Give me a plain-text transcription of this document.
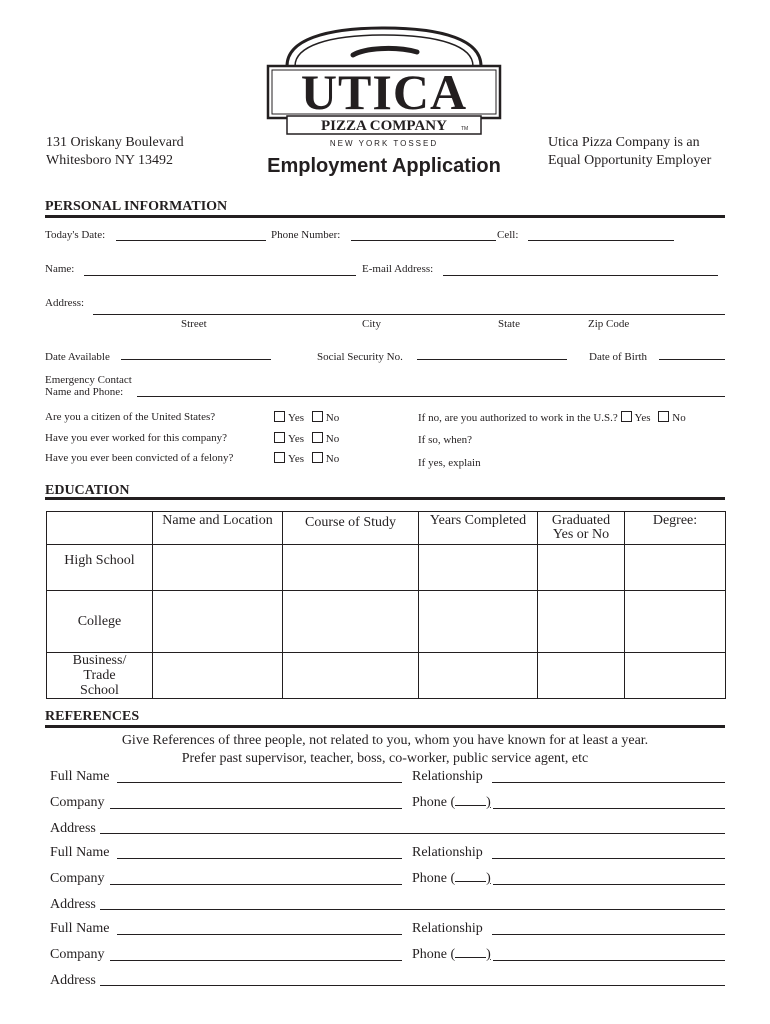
UTICA
PIZZA COMPANY	TM
NEW YORK TOSSED
131 Oriskany Boulevard
Whitesboro NY 13492	Employment Application
Utica Pizza Company is an
Equal Opportunity Employer
PERSONAL INFORMATION
Today's Date:	Phone Number:	Cell:
Name:	E-mail Address:
Address:
Street	City	State	Zip Code
Date Available	Social Security No.	Date of Birth
Emergency Contact
Name and Phone:
Are you a citizen of the United States?	Yes No	If no, are you authorized to work in the U.S.? Yes No
Have you ever worked for this company?	Yes No	If so, when?
Have you ever been convicted of a felony?	Yes No	If yes, explain
EDUCATION
	Name and Location	Course of Study	Years Completed	Graduated Yes or No	Degree:
High School					
College					
Business/ Trade School					
REFERENCES
Give References of three people, not related to you, whom you have known for at least a year.
Prefer past supervisor, teacher, boss, co-worker, public service agent, etc
Full Name	Relationship
Company	Phone ( )
Address
Full Name	Relationship
Company	Phone ( )
Address
Full Name	Relationship
Company	Phone ( )
Address
